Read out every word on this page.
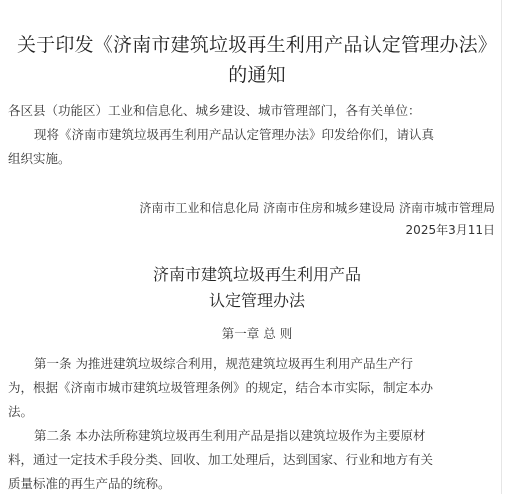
关于印发《济南市建筑垃圾再生利用产品认定管理办法》
的通知
各区县（功能区）工业和信息化、城乡建设、城市管理部门，各有关单位：
现将《济南市建筑垃圾再生利用产品认定管理办法》印发给你们，请认真
组织实施。
济南市工业和信息化局 济南市住房和城乡建设局 济南市城市管理局
2025年3月11日
济南市建筑垃圾再生利用产品
认定管理办法
第一章 总 则
第一条 为推进建筑垃圾综合利用，规范建筑垃圾再生利用产品生产行
为，根据《济南市城市建筑垃圾管理条例》的规定，结合本市实际，制定本办
法。
第二条 本办法所称建筑垃圾再生利用产品是指以建筑垃圾作为主要原材
料，通过一定技术手段分类、回收、加工处理后，达到国家、行业和地方有关
质量标准的再生产品的统称。
